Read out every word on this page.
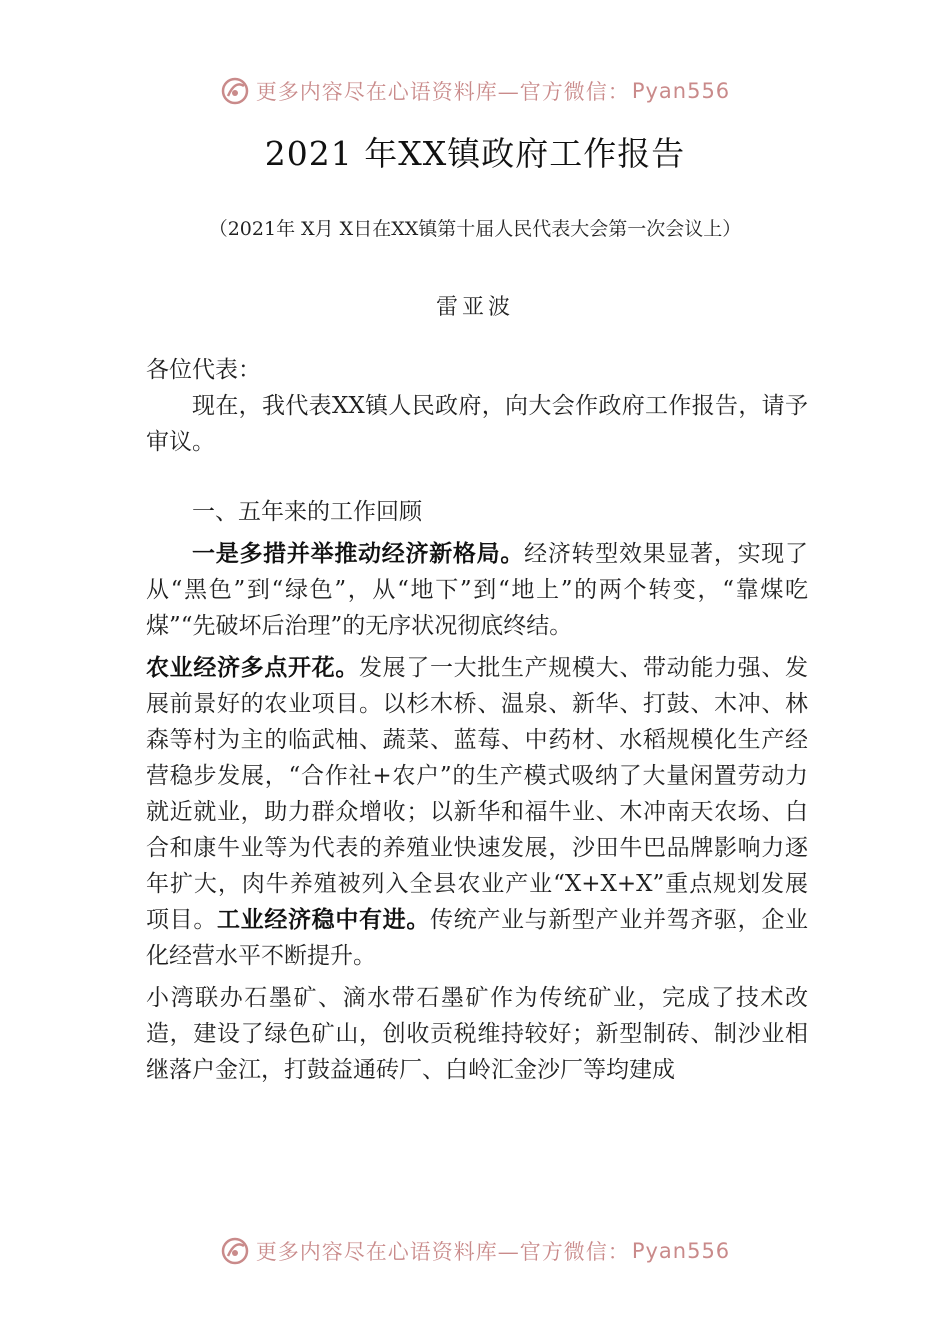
更多内容尽在心语资料库—官方微信： Pyan556
2021 年XX镇政府工作报告
（2021年 X月 X日在XX镇第十届人民代表大会第一次会议上）
雷亚波

各位代表：

现在，我代表XX镇人民政府，向大会作政府工作报告，请予审议。

一、五年来的工作回顾

一是多措并举推动经济新格局。经济转型效果显著，实现了从“黑色”到“绿色”，从“地下”到“地上”的两个转变，“靠煤吃煤”“先破坏后治理”的无序状况彻底终结。

农业经济多点开花。发展了一大批生产规模大、带动能力强、发展前景好的农业项目。以杉木桥、温泉、新华、打鼓、木冲、林森等村为主的临武柚、蔬菜、蓝莓、中药材、水稻规模化生产经营稳步发展，“合作社+农户”的生产模式吸纳了大量闲置劳动力就近就业，助力群众增收；以新华和福牛业、木冲南天农场、白合和康牛业等为代表的养殖业快速发展，沙田牛巴品牌影响力逐年扩大，肉牛养殖被列入全县农业产业“X+X+X”重点规划发展项目。工业经济稳中有进。传统产业与新型产业并驾齐驱，企业化经营水平不断提升。

小湾联办石墨矿、滴水带石墨矿作为传统矿业，完成了技术改造，建设了绿色矿山，创收贡税维持较好；新型制砖、制沙业相继落户金江，打鼓益通砖厂、白岭汇金沙厂等均建成

更多内容尽在心语资料库—官方微信： Pyan556
